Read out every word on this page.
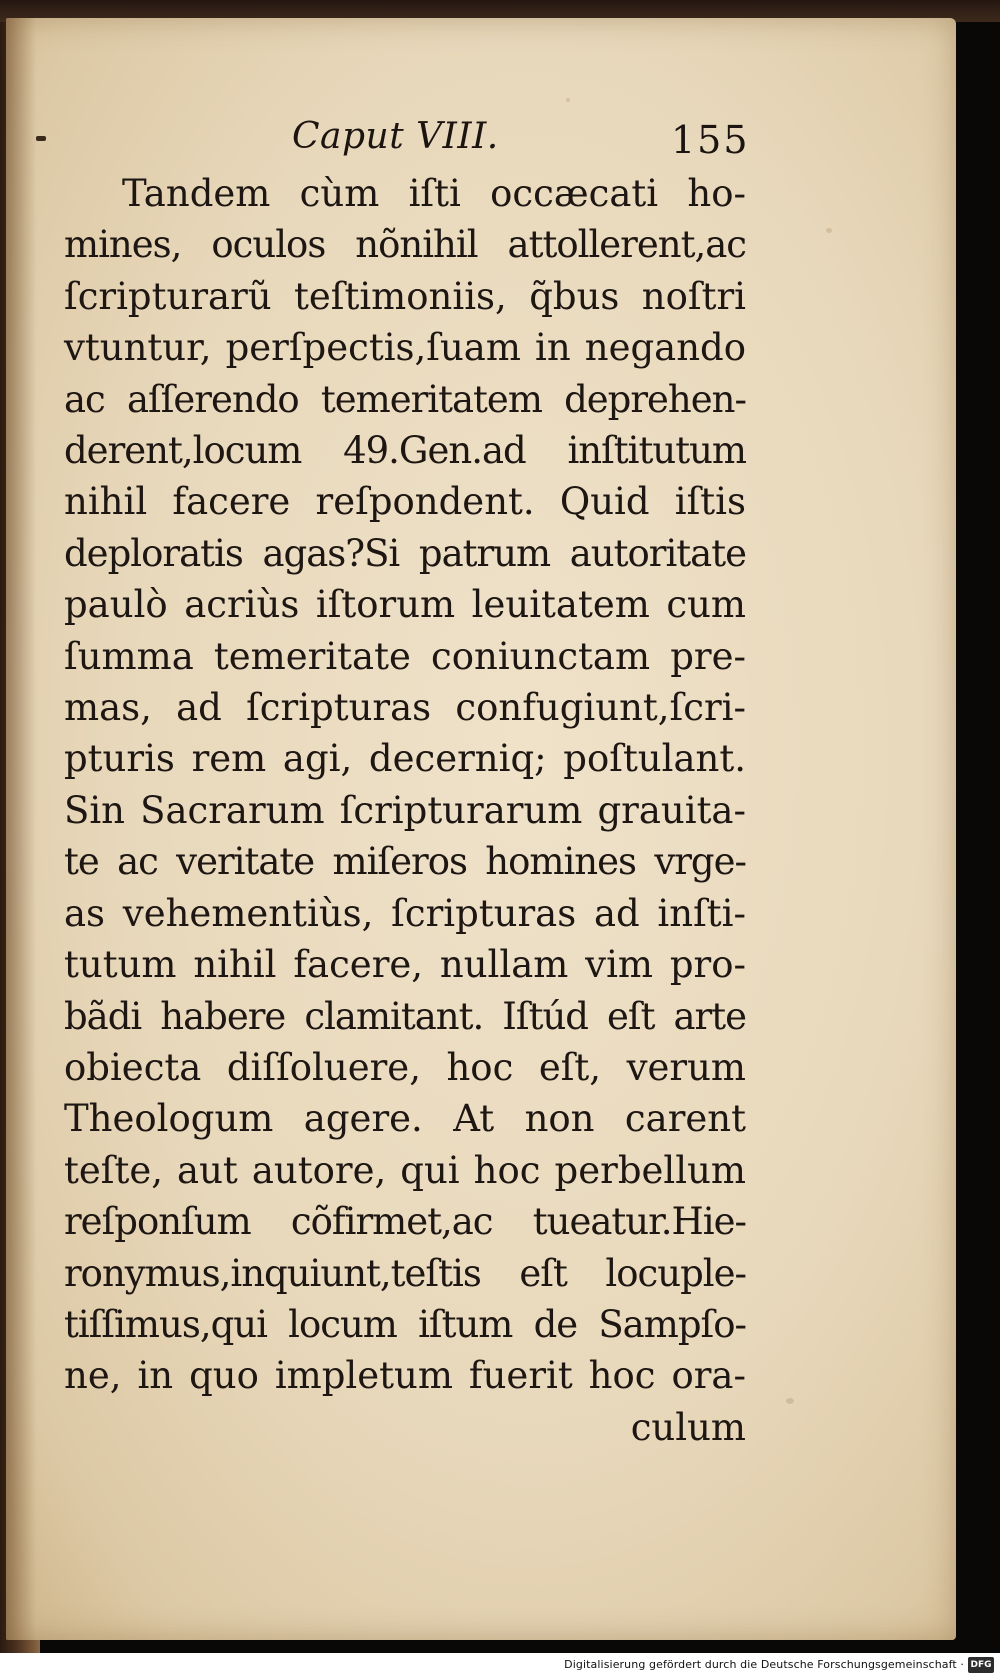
Caput VIII.	155
Tandem cùm iſti occæcati ho-
mines, oculos nõnihil attollerent,ac
ſcripturarũ teſtimoniis, q̃bus noſtri
vtuntur, perſpectis,ſuam in negando
ac aſſerendo temeritatem deprehen-
derent,locum 49.Gen.ad inſtitutum
nihil facere reſpondent. Quid iſtis
deploratis agas?Si patrum autoritate
paulò acriùs iſtorum leuitatem cum
ſumma temeritate coniunctam pre-
mas, ad ſcripturas confugiunt,ſcri-
pturis rem agi, decerniq; poſtulant.
Sin Sacrarum ſcripturarum grauita-
te ac veritate miſeros homines vrge-
as vehementiùs, ſcripturas ad inſti-
tutum nihil facere, nullam vim pro-
bãdi habere clamitant. Iſtúd eſt arte
obiecta diſſoluere, hoc eſt, verum
Theologum agere. At non carent
teſte, aut autore, qui hoc perbellum
reſponſum cõfirmet,ac tueatur.Hie-
ronymus,inquiunt,teſtis eſt locuple-
tiſſimus,qui locum iſtum de Sampſo-
ne, in quo impletum fuerit hoc ora-
culum
Digitalisierung gefördert durch die Deutsche Forschungsgemeinschaft · DFG
